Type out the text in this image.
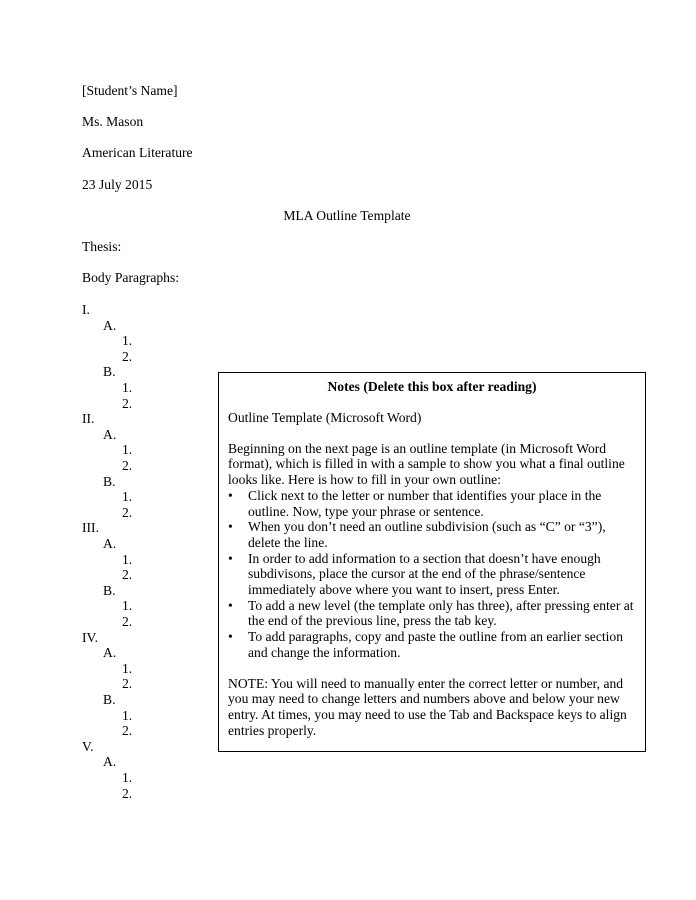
[Student’s Name]
Ms. Mason
American Literature
23 July 2015
MLA Outline Template
Thesis:
Body Paragraphs:
I.
A.
1.
2.
B.
1.
2.
II.
A.
1.
2.
B.
1.
2.
III.
A.
1.
2.
B.
1.
2.
IV.
A.
1.
2.
B.
1.
2.
V.
A.
1.
2.

Notes (Delete this box after reading)

Outline Template (Microsoft Word)

Beginning on the next page is an outline template (in Microsoft Word
format), which is filled in with a sample to show you what a final outline
looks like. Here is how to fill in your own outline:
• Click next to the letter or number that identifies your place in the
outline. Now, type your phrase or sentence.
• When you don’t need an outline subdivision (such as “C” or “3”),
delete the line.
• In order to add information to a section that doesn’t have enough
subdivisons, place the cursor at the end of the phrase/sentence
immediately above where you want to insert, press Enter.
• To add a new level (the template only has three), after pressing enter at
the end of the previous line, press the tab key.
• To add paragraphs, copy and paste the outline from an earlier section
and change the information.
NOTE: You will need to manually enter the correct letter or number, and
you may need to change letters and numbers above and below your new
entry. At times, you may need to use the Tab and Backspace keys to align
entries properly.
